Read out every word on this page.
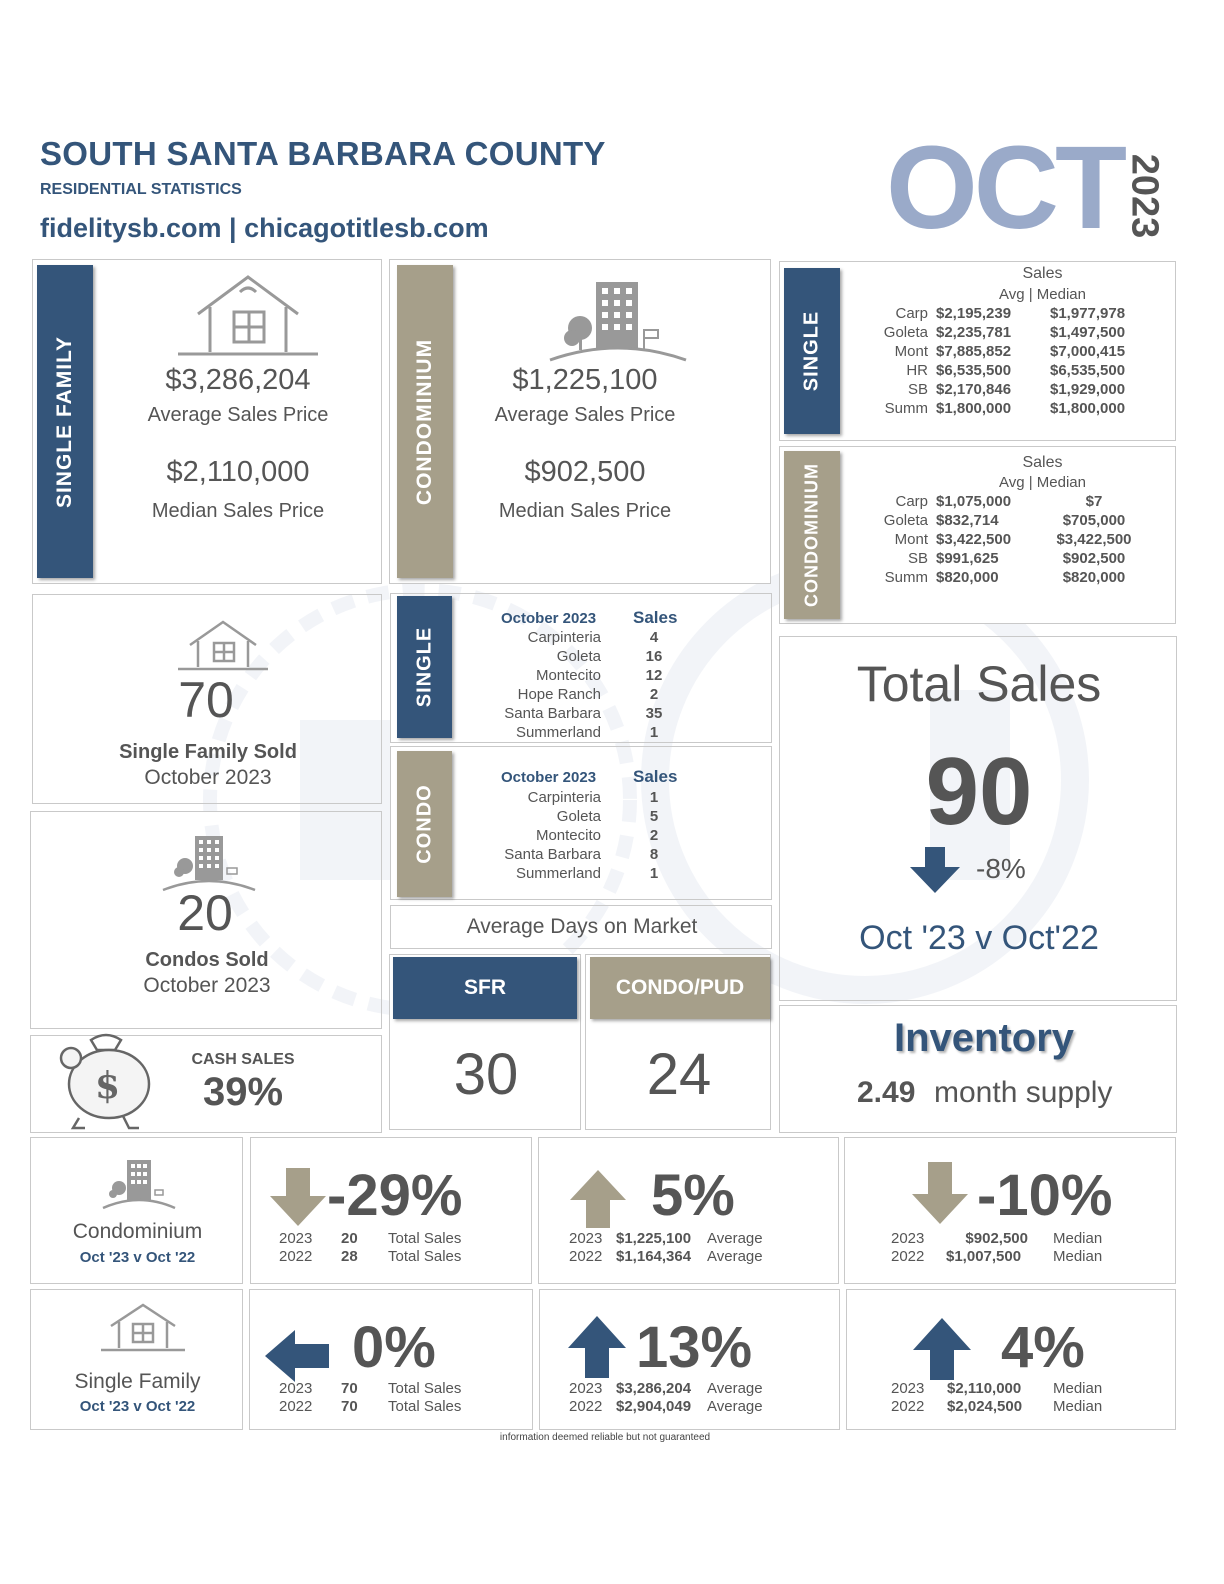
SOUTH SANTA BARBARA COUNTY
RESIDENTIAL STATISTICS
fidelitysb.com | chicagotitlesb.com	OCT 2023
SINGLE FAMILY	$3,286,204
Average Sales Price
$2,110,000
Median Sales Price
CONDOMINIUM	$1,225,100
Average Sales Price
$902,500
Median Sales Price
SINGLE
Sales
Avg | Median
Carp	$2,195,239	$1,977,978
Goleta	$2,235,781	$1,497,500
Mont	$7,885,852	$7,000,415
HR	$6,535,500	$6,535,500
SB	$2,170,846	$1,929,000
Summ	$1,800,000	$1,800,000
CONDOMINIUM
Sales
Avg | Median
Carp	$1,075,000	$7
Goleta	$832,714	$705,000
Mont	$3,422,500	$3,422,500
SB	$991,625	$902,500
Summ	$820,000	$820,000
70
Single Family Sold
October 2023
20
Condos Sold
October 2023
$
CASH SALES
39%
SINGLE
October 2023 Sales
Carpinteria	4
Goleta	16
Montecito	12
Hope Ranch	2
Santa Barbara	35
Summerland	1
CONDO
October 2023 Sales
Carpinteria	1
Goleta	5
Montecito	2
Santa Barbara	8
Summerland	1
Average Days on Market
SFR
30
CONDO/PUD
24
Total Sales
90
-8%
Oct '23 v Oct'22
Inventory
2.49 month supply
Condominium
Oct '23 v Oct '22
-29%
2023 20 Total Sales
2022 28 Total Sales
5%
2023 $1,225,100 Average
2022 $1,164,364 Average
-10%
2023	$902,500 Median
2022 $1,007,500	Median
Single Family
Oct '23 v Oct '22
0%
2023 70 Total Sales
2022 70 Total Sales
13%
2023 $3,286,204 Average
2022 $2,904,049 Average
4%
2023 $2,110,000 Median
2022 $2,024,500 Median
information deemed reliable but not guaranteed
